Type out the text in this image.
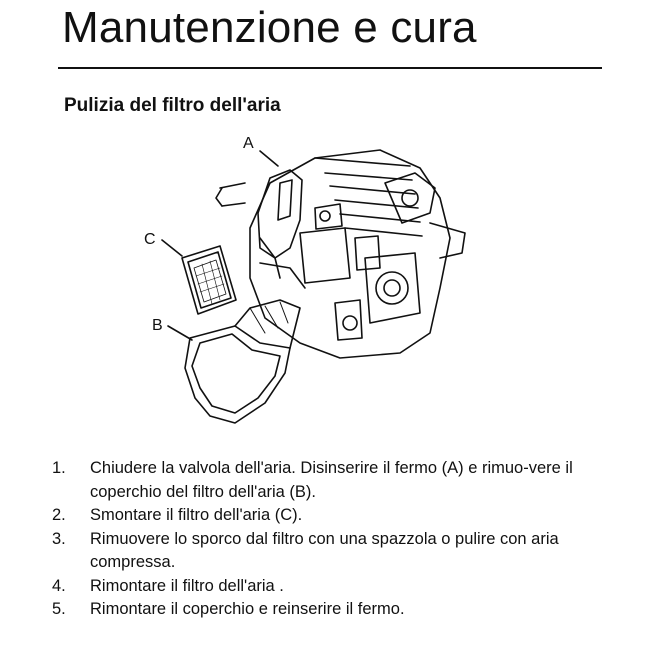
Manutenzione e cura
Pulizia del filtro dell'aria
A
C
B
1. Chiudere la valvola dell'aria. Disinserire il fermo (A) e rimuo-vere il coperchio del filtro dell'aria (B).
2. Smontare il filtro dell'aria (C).
3. Rimuovere lo sporco dal filtro con una spazzola o pulire con aria compressa.
4. Rimontare il filtro dell'aria .
5. Rimontare il coperchio e reinserire il fermo.
